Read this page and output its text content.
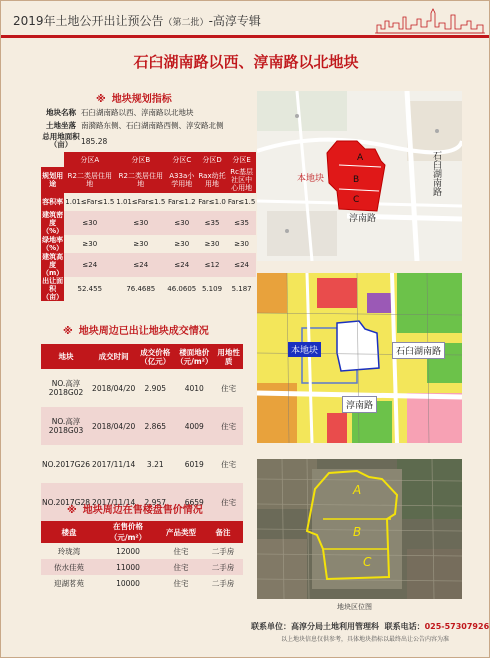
2019年土地公开出让预公告（第二批）-高淳专辑
石臼湖南路以西、淳南路以北地块
※ 地块规划指标
地块名称 石臼湖南路以西、淳南路以北地块
土地坐落 南漪路东侧、石臼湖南路西侧、淳安路北侧
总用地面积（亩）	185.28
	分区A	分区B	分区C	分区D	分区E
规划用途	R2二类居住用地	R2二类居住用地	A33a小学用地	Rax幼托用地	Rc基层社区中心用地
容积率	1.01≤Far≤1.5	1.01≤Far≤1.5	Far≤1.2	Far≤1.0	Far≤1.5
建筑密度（%）	≤30	≤30	≤30	≤35	≤35
绿地率（%）	≥30	≥30	≥30	≥30	≥30
建筑高度（m）	≤24	≤24	≤24	≤12	≤24
出让面积（亩）	52.455	76.4685	46.0605	5.109	5.187
※ 地块周边已出让地块成交情况
地块	成交时间	成交价格（亿元）	楼面地价（元/m²）	用地性质
NO.高淳2018G02	2018/04/20	2.905	4010	住宅
NO.高淳2018G03	2018/04/20	2.865	4009	住宅
NO.2017G26	2017/11/14	3.21	6019	住宅
NO.2017G28	2017/11/14	2.957	6659	住宅
※ 地块周边在售楼盘售价情况
楼盘	在售价格（元/m²）	产品类型	备注
玲珑湾	12000	住宅	二手房
依水佳苑	11000	住宅	二手房
迎湖茗苑	10000	住宅	二手房
A
B
C
本地块
淳南路
石臼湖南路
本地块	石臼湖南路
淳南路
A
B
C
地块区位图
联系单位：高淳分局土地利用管理科 联系电话：025-57307926
以上地块信息仅供参考，具体地块指标以最终出让公告内容为准
